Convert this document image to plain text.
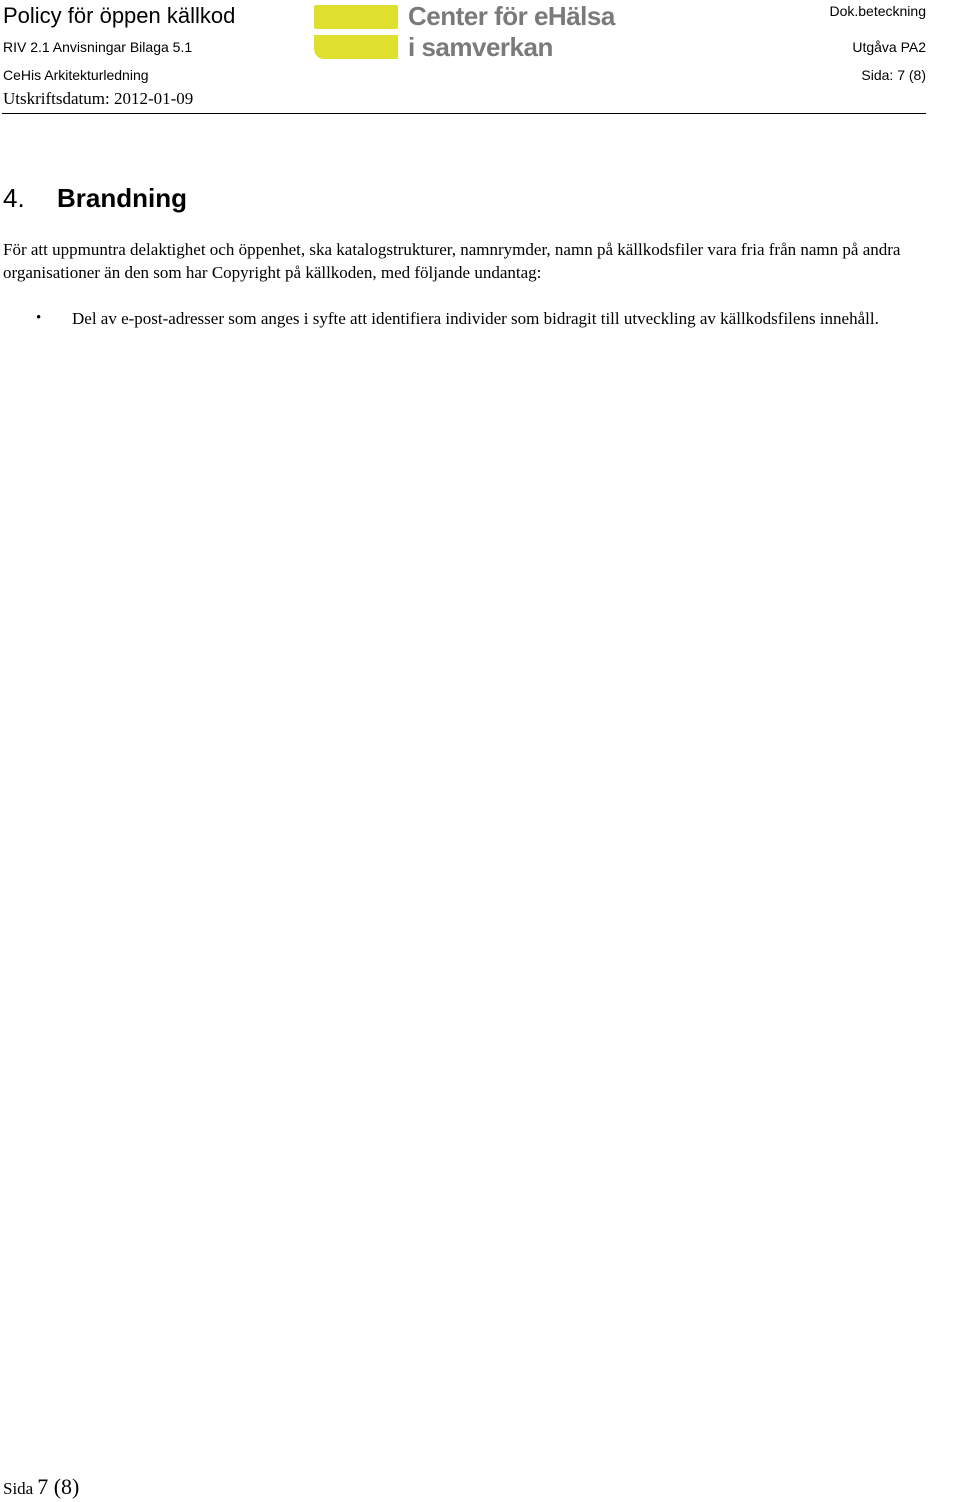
Policy för öppen källkod
RIV 2.1 Anvisningar Bilaga 5.1
CeHis Arkitekturledning
Utskriftsdatum: 2012-01-09
Dok.beteckning
Utgåva PA2
Sida: 7 (8)
Center för eHälsa
i samverkan
4. Brandning

För att uppmuntra delaktighet och öppenhet, ska katalogstrukturer, namnrymder, namn på källkodsfiler vara fria från namn på andra organisationer än den som har Copyright på källkoden, med följande undantag:

• Del av e-post-adresser som anges i syfte att identifiera individer som bidragit till utveckling av källkodsfilens innehåll.
Sida 7 (8)
